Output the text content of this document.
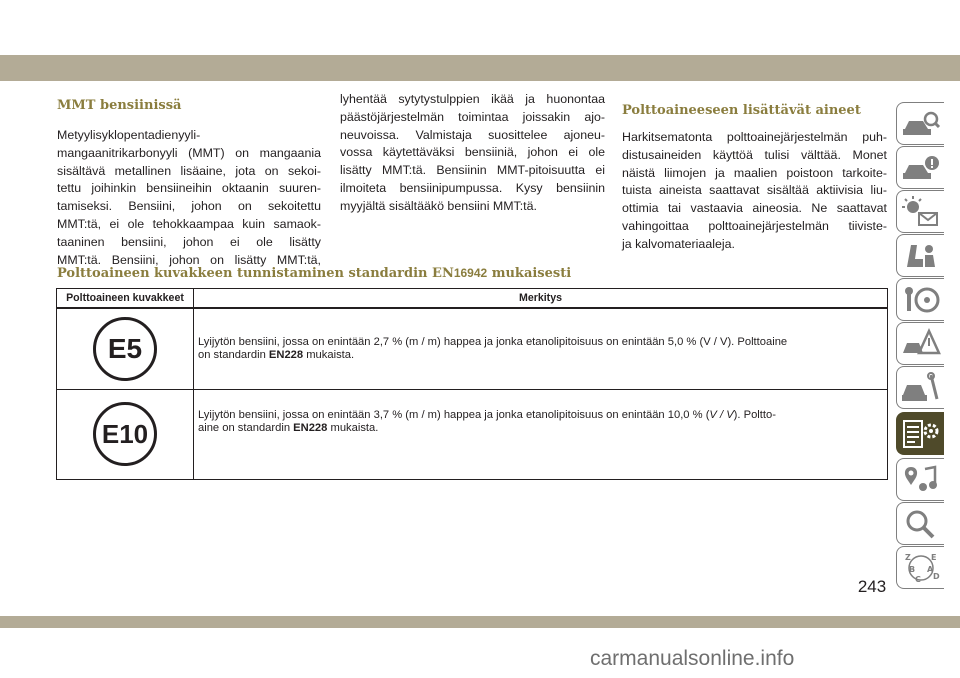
MMT bensiinissä
Metyylisyklopentadienyyli-
mangaanitrikarbonyyli (MMT) on mangaania
sisältävä metallinen lisäaine, jota on sekoi-
tettu joihinkin bensiineihin oktaanin suuren-
tamiseksi. Bensiini, johon on sekoitettu
MMT:tä, ei ole tehokkaampaa kuin samaok-
taaninen bensiini, johon ei ole lisätty
MMT:tä. Bensiini, johon on lisätty MMT:tä,
lyhentää sytytystulppien ikää ja huonontaa
päästöjärjestelmän toimintaa joissakin ajo-
neuvoissa. Valmistaja suosittelee ajoneu-
vossa käytettäväksi bensiiniä, johon ei ole
lisätty MMT:tä. Bensiinin MMT-pitoisuutta ei
ilmoiteta bensiinipumpussa. Kysy bensiinin
myyjältä sisältääkö bensiini MMT:tä.
Polttoaineeseen lisättävät aineet
Harkitsematonta polttoainejärjestelmän puh-
distusaineiden käyttöä tulisi välttää. Monet
näistä liimojen ja maalien poistoon tarkoite-
tuista aineista saattavat sisältää aktiivisia liu-
ottimia tai vastaavia aineosia. Ne saattavat
vahingoittaa polttoainejärjestelmän tiiviste-
ja kalvomateriaaleja.
Polttoaineen kuvakkeen tunnistaminen standardin EN16942 mukaisesti
Polttoaineen kuvakkeet	Merkitys

E5	Lyijytön bensiini, jossa on enintään 2,7 % (m / m) happea ja jonka etanolipitoisuus on enintään 5,0 % (V / V). Polttoaine
on standardin EN228 mukaista.

E10	Lyijytön bensiini, jossa on enintään 3,7 % (m / m) happea ja jonka etanolipitoisuus on enintään 10,0 % (V / V). Poltto-
aine on standardin EN228 mukaista.
Z	E
B A
C D
243
carmanualsonline.info
